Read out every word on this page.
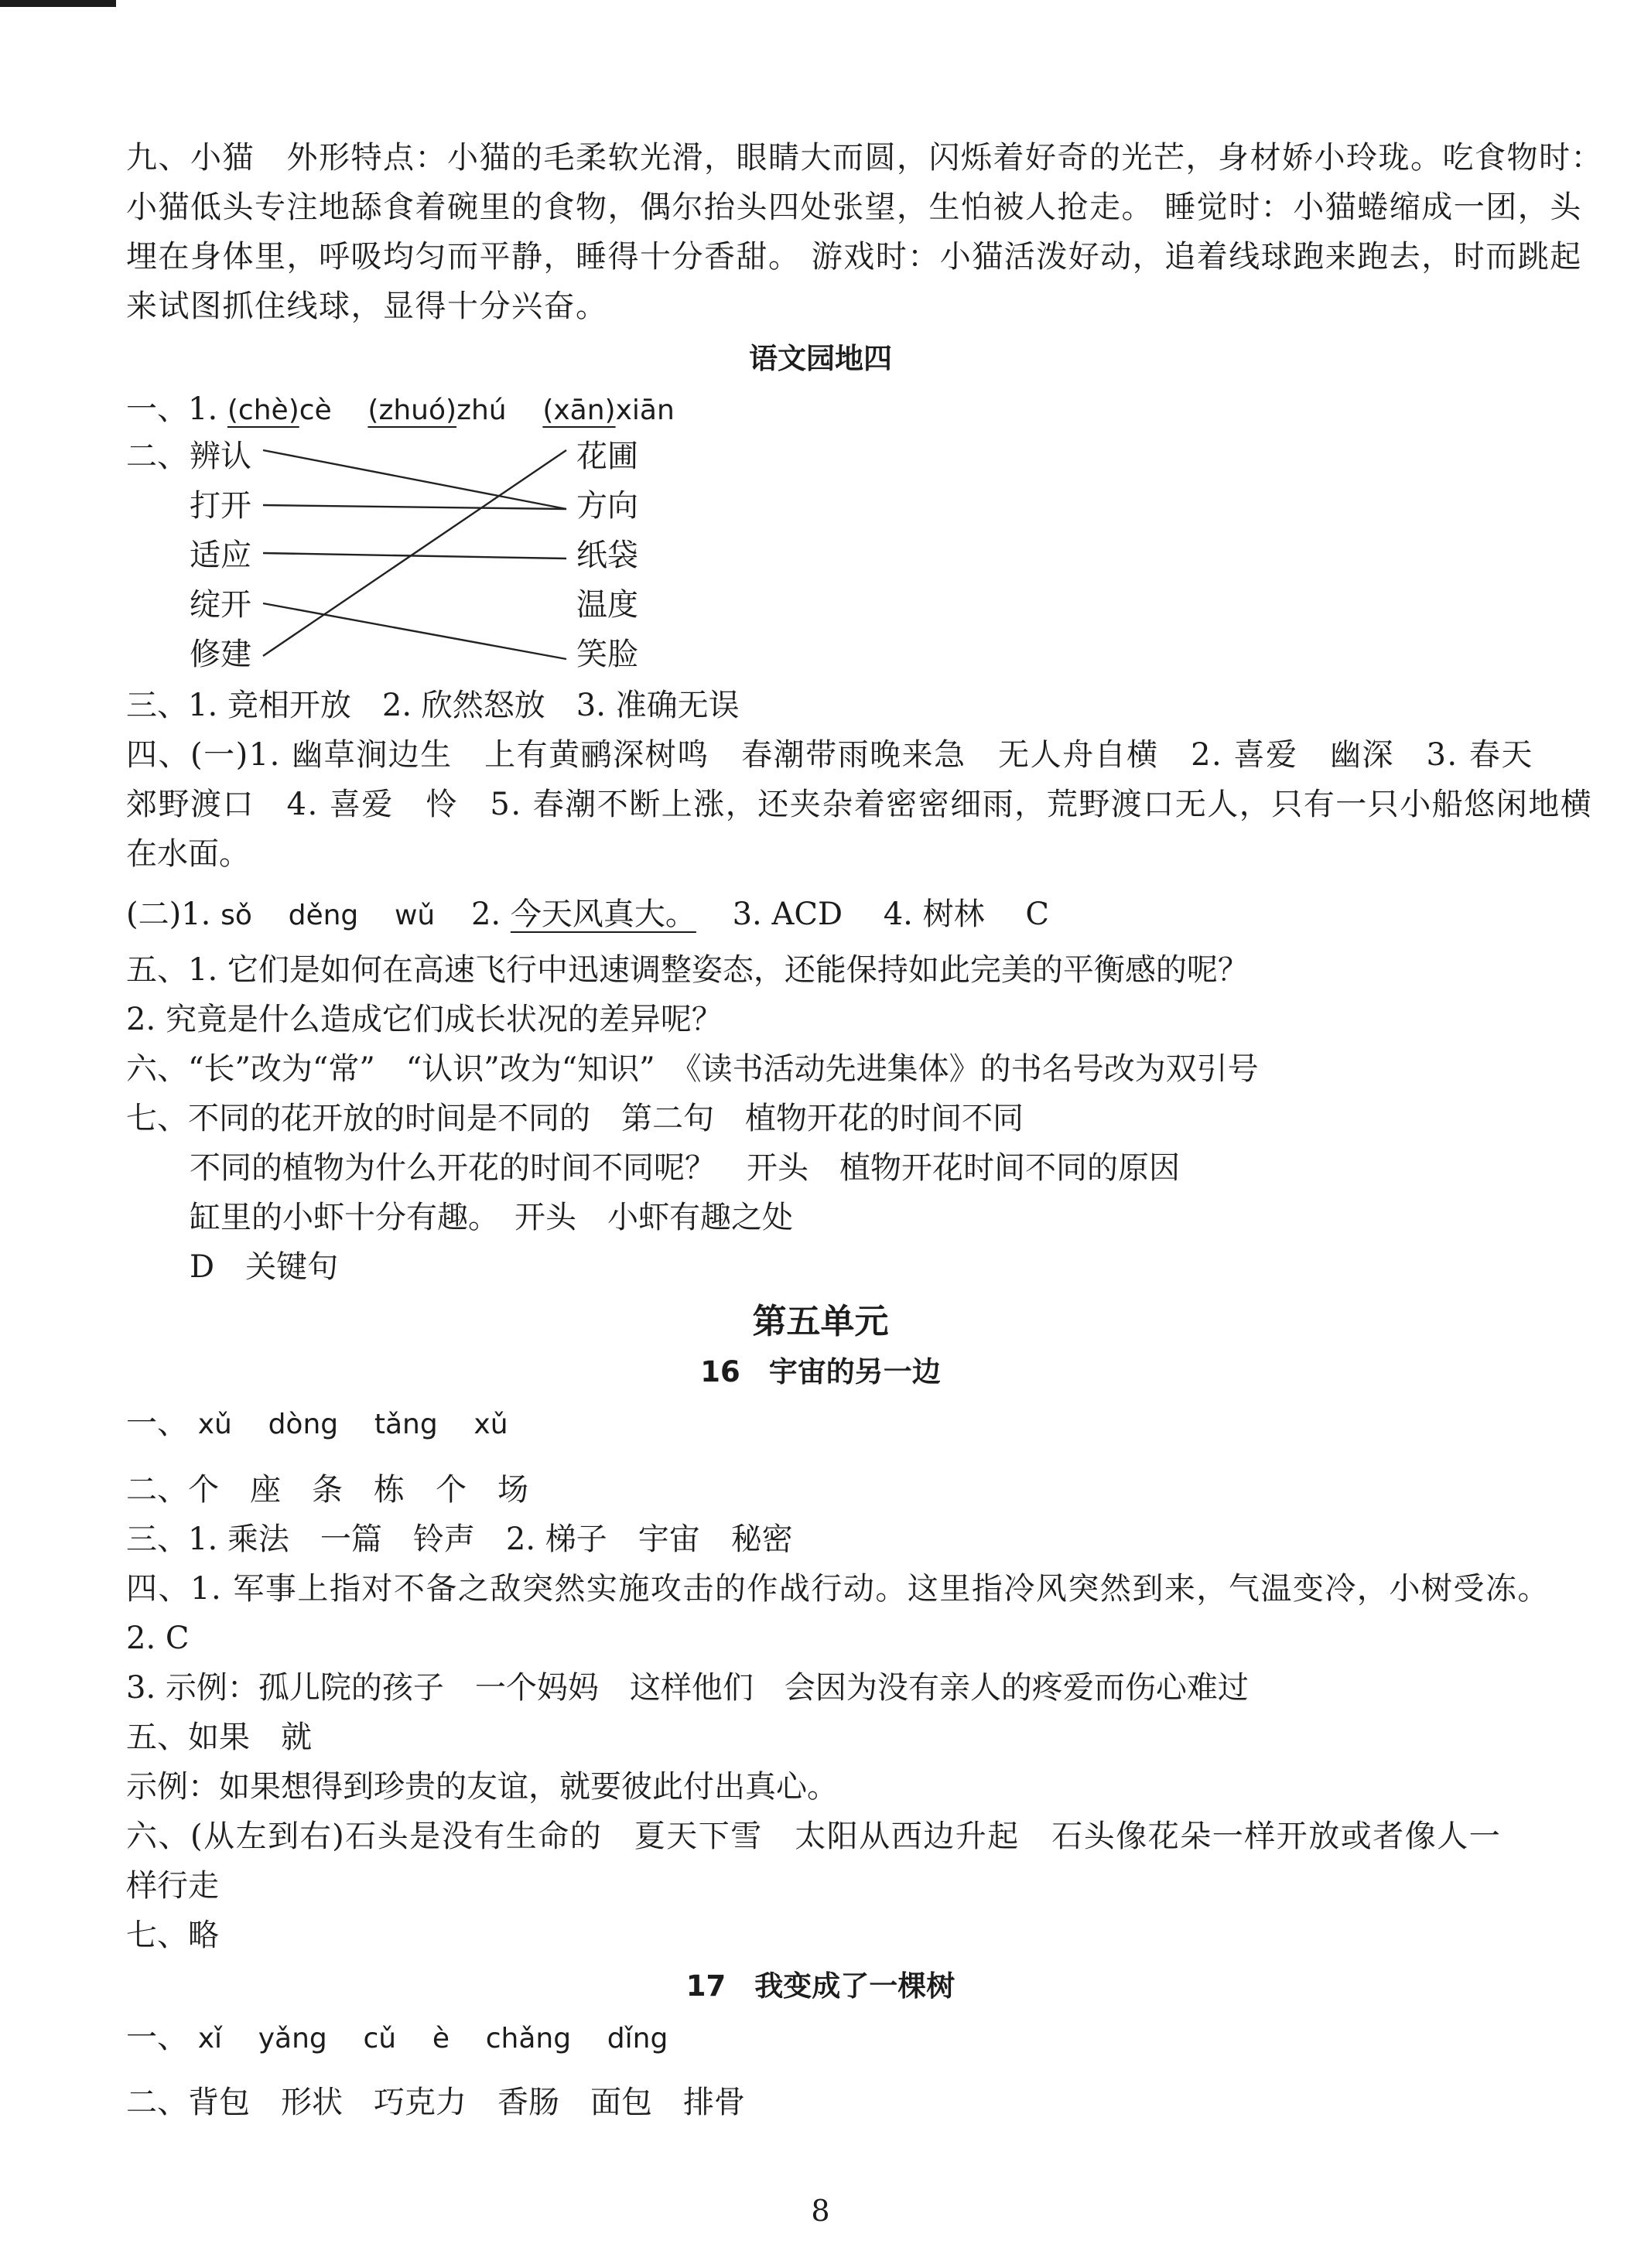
九、小猫　外形特点：小猫的毛柔软光滑，眼睛大而圆，闪烁着好奇的光芒，身材娇小玲珑。吃食物时：
小猫低头专注地舔食着碗里的食物，偶尔抬头四处张望，生怕被人抢走。 睡觉时：小猫蜷缩成一团，头
埋在身体里，呼吸均匀而平静，睡得十分香甜。 游戏时：小猫活泼好动，追着线球跑来跑去，时而跳起
来试图抓住线球，显得十分兴奋。
语文园地四
一、1. (chè)cè (zhuó)zhú (xān)xiān
二、 辨认
打开
适应
绽开
修建
花圃
方向
纸袋
温度
笑脸
三、1. 竞相开放　2. 欣然怒放　3. 准确无误
四、(一)1. 幽草涧边生　上有黄鹂深树鸣　春潮带雨晚来急　无人舟自横　2. 喜爱　幽深　3. 春天
郊野渡口　4. 喜爱　怜　5. 春潮不断上涨，还夹杂着密密细雨，荒野渡口无人，只有一只小船悠闲地横
在水面。
(二)1. sǒ děng wǔ 2. 今天风真大。 3. ACD　 4. 树林　 C
五、1. 它们是如何在高速飞行中迅速调整姿态，还能保持如此完美的平衡感的呢？
2. 究竟是什么造成它们成长状况的差异呢？
六、“长”改为“常”　“认识”改为“知识”　《读书活动先进集体》的书名号改为双引号
七、不同的花开放的时间是不同的　第二句　植物开花的时间不同
不同的植物为什么开花的时间不同呢？　开头　植物开花时间不同的原因
缸里的小虾十分有趣。　开头　小虾有趣之处
D　关键句
第五单元
16　宇宙的另一边
一、 xǔ dòng tǎng xǔ
二、个　座　条　栋　个　场
三、1. 乘法　一篇　铃声　2. 梯子　宇宙　秘密
四、1. 军事上指对不备之敌突然实施攻击的作战行动。这里指冷风突然到来，气温变冷，小树受冻。
2. C
3. 示例：孤儿院的孩子　一个妈妈　这样他们　会因为没有亲人的疼爱而伤心难过
五、如果　就
示例：如果想得到珍贵的友谊，就要彼此付出真心。
六、(从左到右)石头是没有生命的　夏天下雪　太阳从西边升起　石头像花朵一样开放或者像人一
样行走
七、略
17　我变成了一棵树
一、 xǐ yǎng cǔ è chǎng dǐng
二、背包　形状　巧克力　香肠　面包　排骨
8
